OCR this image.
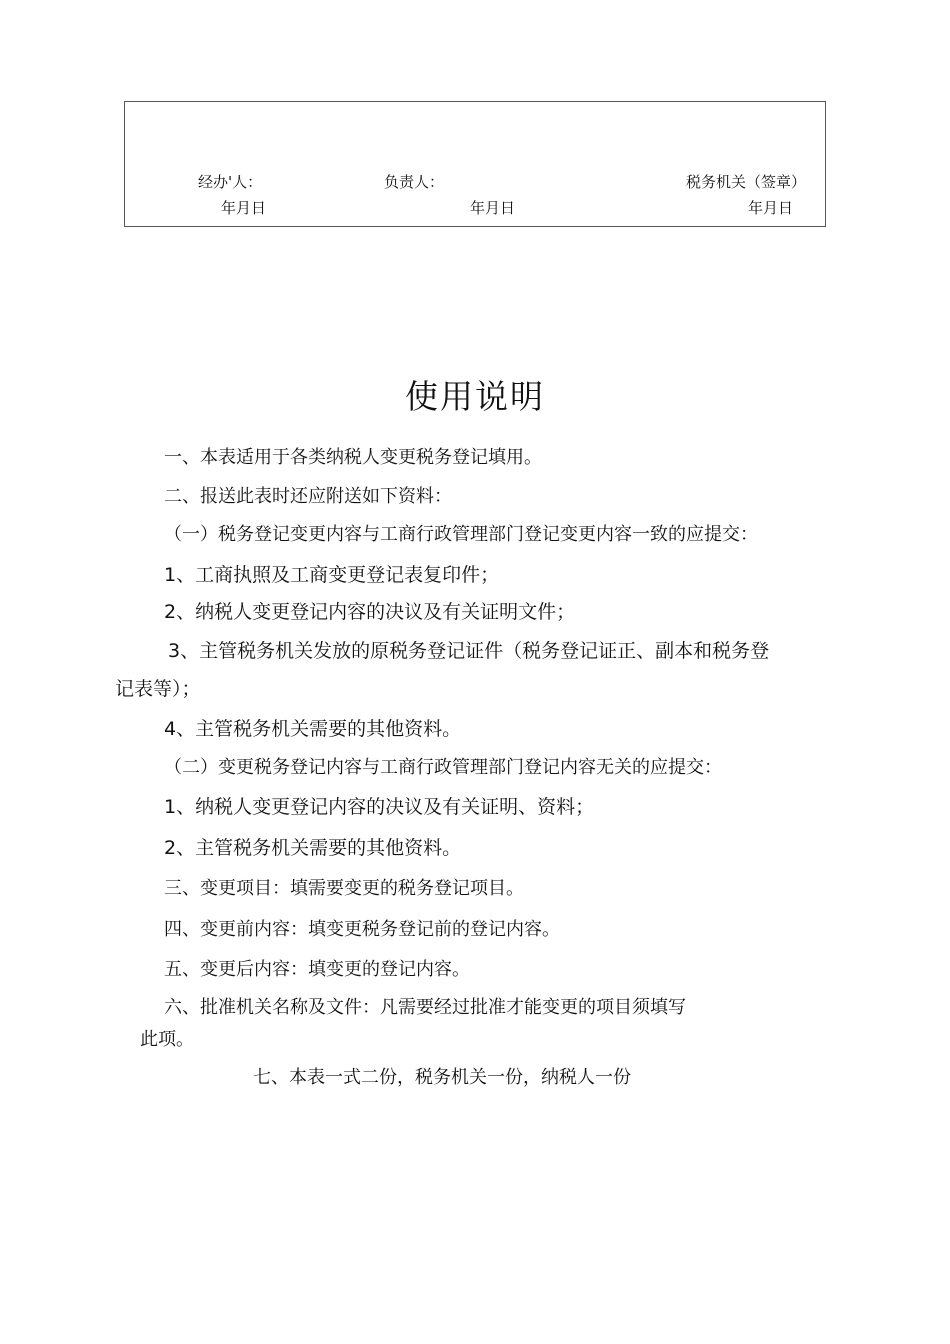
经办'人：	负责人：	税务机关（签章）
年月日	年月日	年月日
使用说明
一、本表适用于各类纳税人变更税务登记填用。
二、报送此表时还应附送如下资料：
（一）税务登记变更内容与工商行政管理部门登记变更内容一致的应提交：
1、工商执照及工商变更登记表复印件；
2、纳税人变更登记内容的决议及有关证明文件；
3、主管税务机关发放的原税务登记证件（税务登记证正、副本和税务登
记表等）；
4、主管税务机关需要的其他资料。
（二）变更税务登记内容与工商行政管理部门登记内容无关的应提交：
1、纳税人变更登记内容的决议及有关证明、资料；
2、主管税务机关需要的其他资料。
三、变更项目：填需要变更的税务登记项目。
四、变更前内容：填变更税务登记前的登记内容。
五、变更后内容：填变更的登记内容。
六、批准机关名称及文件：凡需要经过批准才能变更的项目须填写
此项。
七、本表一式二份，税务机关一份，纳税人一份
